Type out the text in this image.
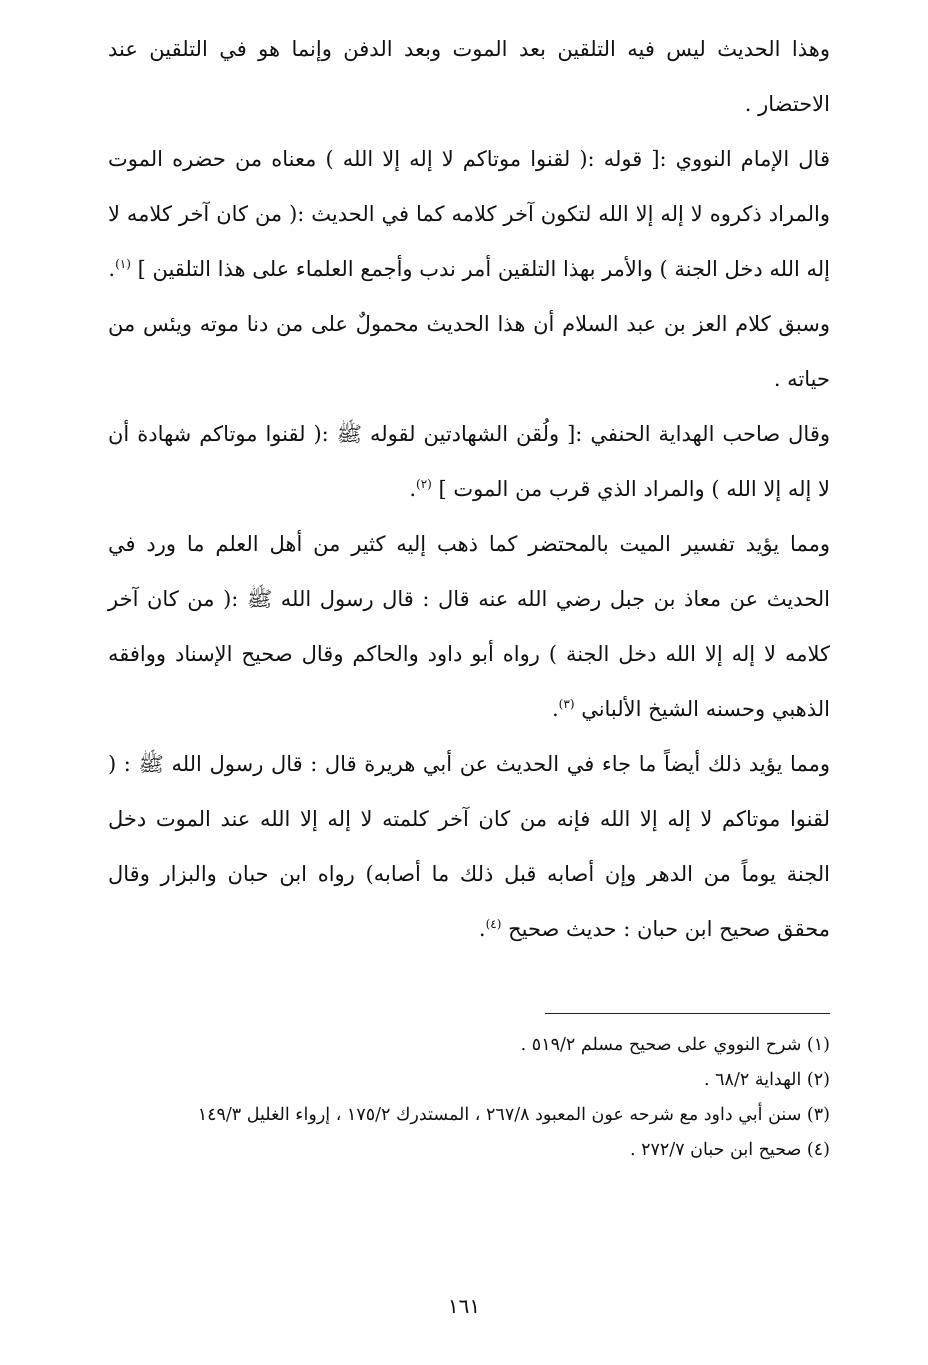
وهذا الحديث ليس فيه التلقين بعد الموت وبعد الدفن وإنما هو في التلقين عند الاحتضار .

قال الإمام النووي :[ قوله :( لقنوا موتاكم لا إله إلا الله ) معناه من حضره الموت والمراد ذكروه لا إله إلا الله لتكون آخر كلامه كما في الحديث :( من كان آخر كلامه لا إله الله دخل الجنة ) والأمر بهذا التلقين أمر ندب وأجمع العلماء على هذا التلقين ] $^{(١)}$.

وسبق كلام العز بن عبد السلام أن هذا الحديث محمولٌ على من دنا موته ويئس من حياته .

وقال صاحب الهداية الحنفي :[ ولُقن الشهادتين لقوله ﷺ :( لقنوا موتاكم شهادة أن لا إله إلا الله ) والمراد الذي قرب من الموت ] $^{(٢)}$.

ومما يؤيد تفسير الميت بالمحتضر كما ذهب إليه كثير من أهل العلم ما ورد في الحديث عن معاذ بن جبل رضي الله عنه قال : قال رسول الله ﷺ :( من كان آخر كلامه لا إله إلا الله دخل الجنة ) رواه أبو داود والحاكم وقال صحيح الإسناد ووافقه الذهبي وحسنه الشيخ الألباني $^{(٣)}$.

ومما يؤيد ذلك أيضاً ما جاء في الحديث عن أبي هريرة قال : قال رسول الله ﷺ : ( لقنوا موتاكم لا إله إلا الله فإنه من كان آخر كلمته لا إله إلا الله عند الموت دخل الجنة يوماً من الدهر وإن أصابه قبل ذلك ما أصابه) رواه ابن حبان والبزار وقال محقق صحيح ابن حبان : حديث صحيح $^{(٤)}$.

(١) شرح النووي على صحيح مسلم ٥١٩/٢ .
(٢) الهداية ٦٨/٢ .
(٣) سنن أبي داود مع شرحه عون المعبود ٢٦٧/٨ ، المستدرك ١٧٥/٢ ، إرواء الغليل ١٤٩/٣
(٤) صحيح ابن حبان ٢٧٢/٧ .
١٦١
